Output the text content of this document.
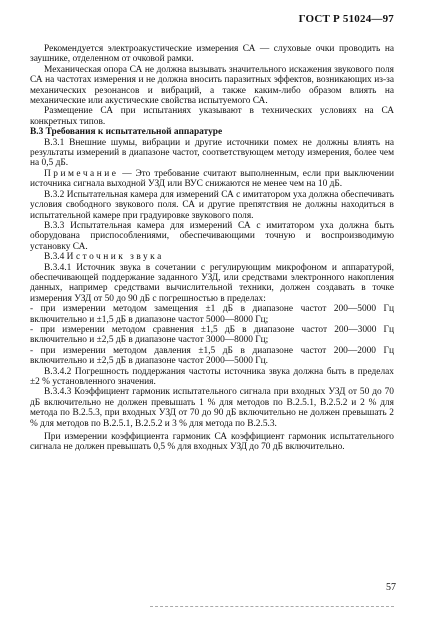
ГОСТ Р 51024—97

Рекомендуется электроакустические измерения СА — слуховые очки проводить на заушнике, отделенном от очковой рамки.

Механическая опора СА не должна вызывать значительного искажения звукового поля СА на частотах измерения и не должна вносить паразитных эффектов, возникающих из-за механических резонансов и вибраций, а также каким-либо образом влиять на механические или акустические свойства испытуемого СА.

Размещение СА при испытаниях указывают в технических условиях на СА конкретных типов.

В.3 Требования к испытательной аппаратуре

В.3.1 Внешние шумы, вибрации и другие источники помех не должны влиять на результаты измерений в диапазоне частот, соответствующем методу измерения, более чем на 0,5 дБ.

Примечание — Это требование считают выполненным, если при выключении источника сигнала выходной УЗД или ВУС снижаются не менее чем на 10 дБ.

В.3.2 Испытательная камера для измерений СА с имитатором уха должна обеспечивать условия свободного звукового поля. СА и другие препятствия не должны находиться в испытательной камере при градуировке звукового поля.

В.3.3 Испытательная камера для измерений СА с имитатором уха должна быть оборудована приспособлениями, обеспечивающими точную и воспроизводимую установку СА.

В.3.4 Источник звука

В.3.4.1 Источник звука в сочетании с регулирующим микрофоном и аппаратурой, обеспечивающей поддержание заданного УЗД, или средствами электронного накопления данных, например средствами вычислительной техники, должен создавать в точке измерения УЗД от 50 до 90 дБ с погрешностью в пределах:

- при измерении методом замещения ±1 дБ в диапазоне частот 200—5000 Гц включительно и ±1,5 дБ в диапазоне частот 5000—8000 Гц;

- при измерении методом сравнения ±1,5 дБ в диапазоне частот 200—3000 Гц включительно и ±2,5 дБ в диапазоне частот 3000—8000 Гц;

- при измерении методом давления ±1,5 дБ в диапазоне частот 200—2000 Гц включительно и ±2,5 дБ в диапазоне частот 2000—5000 Гц.

В.3.4.2 Погрешность поддержания частоты источника звука должна быть в пределах ±2 % установленного значения.

В.3.4.3 Коэффициент гармоник испытательного сигнала при входных УЗД от 50 до 70 дБ включительно не должен превышать 1 % для методов по В.2.5.1, В.2.5.2 и 2 % для метода по В.2.5.3, при входных УЗД от 70 до 90 дБ включительно не должен превышать 2 % для методов по В.2.5.1, В.2.5.2 и 3 % для метода по В.2.5.3.

При измерении коэффициента гармоник СА коэффициент гармоник испытательного сигнала не должен превышать 0,5 % для входных УЗД до 70 дБ включительно.

57
